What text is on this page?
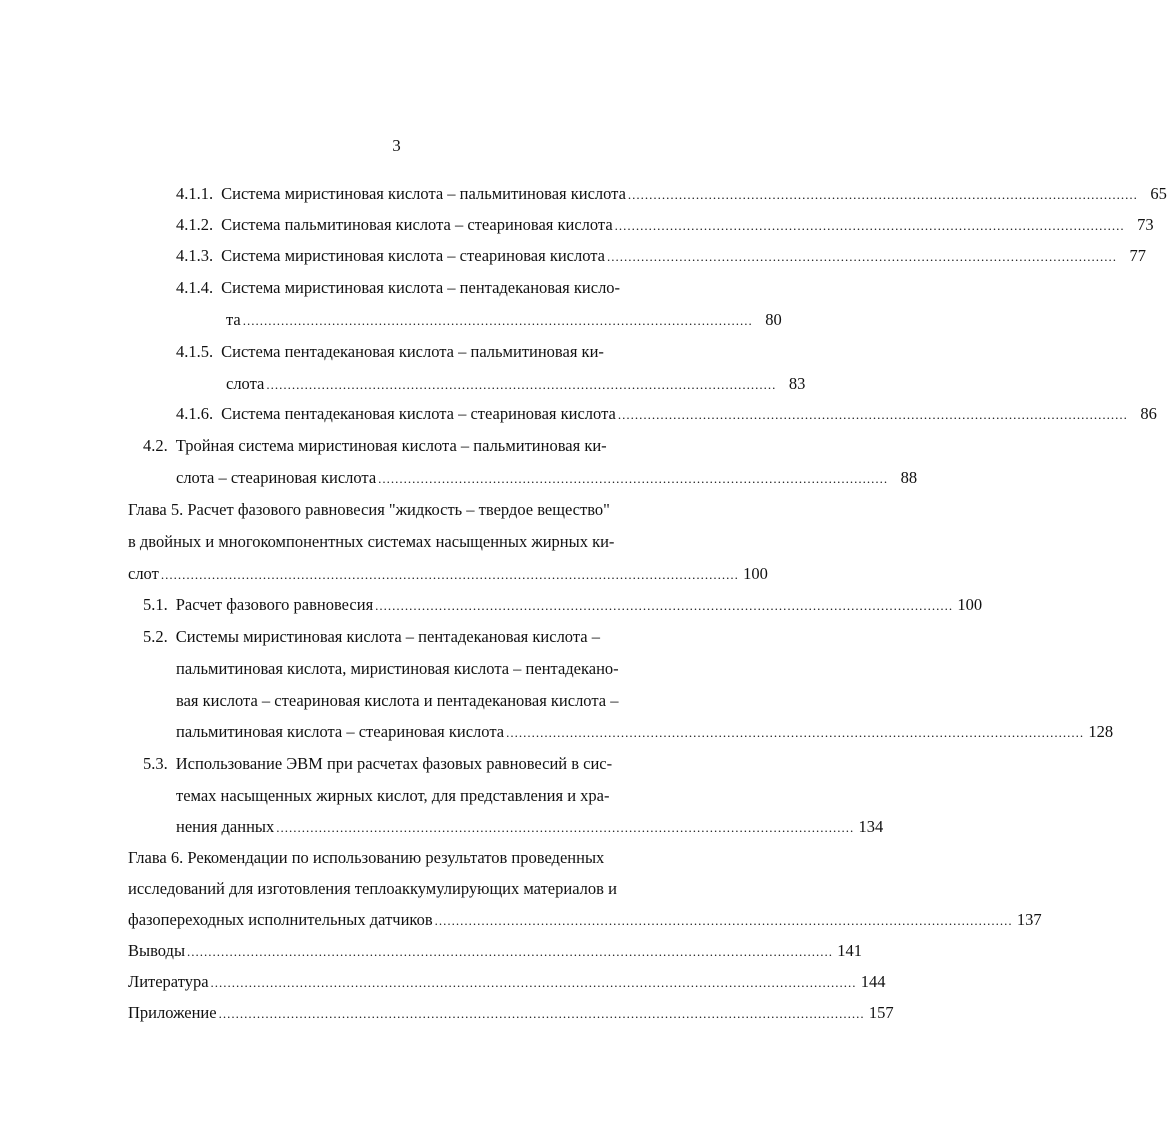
3
4.1.1. Система миристиновая кислота – пальмитиновая кислота ........................................................................................................................ 65
4.1.2. Система пальмитиновая кислота – стеариновая кислота ........................................................................................................................ 73
4.1.3. Система миристиновая кислота – стеариновая кислота ........................................................................................................................ 77
4.1.4. Система миристиновая кислота – пентадекановая кисло-
та ........................................................................................................................ 80
4.1.5. Система пентадекановая кислота – пальмитиновая ки-
слота ........................................................................................................................ 83
4.1.6. Система пентадекановая кислота – стеариновая кислота ........................................................................................................................ 86
4.2. Тройная система миристиновая кислота – пальмитиновая ки-
слота – стеариновая кислота ........................................................................................................................ 88
Глава 5. Расчет фазового равновесия "жидкость – твердое вещество"
в двойных и многокомпонентных системах насыщенных жирных ки-
слот ........................................................................................................................................ 100
5.1. Расчет фазового равновесия ........................................................................................................................................ 100
5.2. Системы миристиновая кислота – пентадекановая кислота –
пальмитиновая кислота, миристиновая кислота – пентадекано-
вая кислота – стеариновая кислота и пентадекановая кислота –
пальмитиновая кислота – стеариновая кислота ........................................................................................................................................ 128
5.3. Использование ЭВМ при расчетах фазовых равновесий в сис-
темах насыщенных жирных кислот, для представления и хра-
нения данных ........................................................................................................................................ 134
Глава 6. Рекомендации по использованию результатов проведенных
исследований для изготовления теплоаккумулирующих материалов и
фазопереходных исполнительных датчиков ........................................................................................................................................ 137
Выводы ........................................................................................................................................................ 141
Литература ........................................................................................................................................................ 144
Приложение ........................................................................................................................................................ 157
